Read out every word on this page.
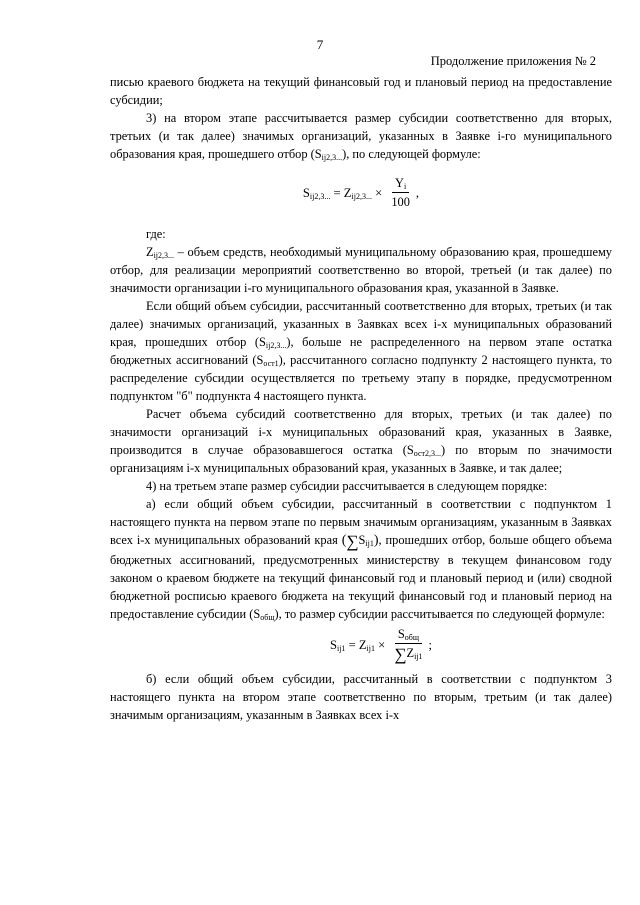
7
Продолжение приложения № 2

писью краевого бюджета на текущий финансовый год и плановый период на предоставление субсидии;

3) на втором этапе рассчитывается размер субсидии соответственно для вторых, третьих (и так далее) значимых организаций, указанных в Заявке i-го муниципального образования края, прошедшего отбор $(S_{ij2,3...})$, по следующей формуле:

$S_{ij2,3...} = Z_{ij2,3...} \times \frac{Y_i}{100}$ ,

где:

$Z_{ij2,3...}$ – объем средств, необходимый муниципальному образованию края, прошедшему отбор, для реализации мероприятий соответственно во второй, третьей (и так далее) по значимости организации i-го муниципального образования края, указанной в Заявке.

Если общий объем субсидии, рассчитанный соответственно для вторых, третьих (и так далее) значимых организаций, указанных в Заявках всех i-х муниципальных образований края, прошедших отбор $(S_{ij2,3...})$, больше не распределенного на первом этапе остатка бюджетных ассигнований $(S_{ост1})$, рассчитанного согласно подпункту 2 настоящего пункта, то распределение субсидии осуществляется по третьему этапу в порядке, предусмотренном подпунктом "б" подпункта 4 настоящего пункта.

Расчет объема субсидий соответственно для вторых, третьих (и так далее) по значимости организаций i-х муниципальных образований края, указанных в Заявке, производится в случае образовавшегося остатка $(S_{ост2,3...})$ по вторым по значимости организациям i-х муниципальных образований края, указанных в Заявке, и так далее;

4) на третьем этапе размер субсидии рассчитывается в следующем порядке:

а) если общий объем субсидии, рассчитанный в соответствии с подпунктом 1 настоящего пункта на первом этапе по первым значимым организациям, указанным в Заявках всех i-х муниципальных образований края $(\sum S_{ij1})$, прошедших отбор, больше общего объема бюджетных ассигнований, предусмотренных министерству в текущем финансовом году законом о краевом бюджете на текущий финансовый год и плановый период и (или) сводной бюджетной росписью краевого бюджета на текущий финансовый год и плановый период на предоставление субсидии $(S_{общ})$, то размер субсидии рассчитывается по следующей формуле:

$S_{ij1} = Z_{ij1} \times \frac{S_{общ}}{\sum Z_{ij1}}$ ;

б) если общий объем субсидии, рассчитанный в соответствии с подпунктом 3 настоящего пункта на втором этапе соответственно по вторым, третьим (и так далее) значимым организациям, указанным в Заявках всех i-х
